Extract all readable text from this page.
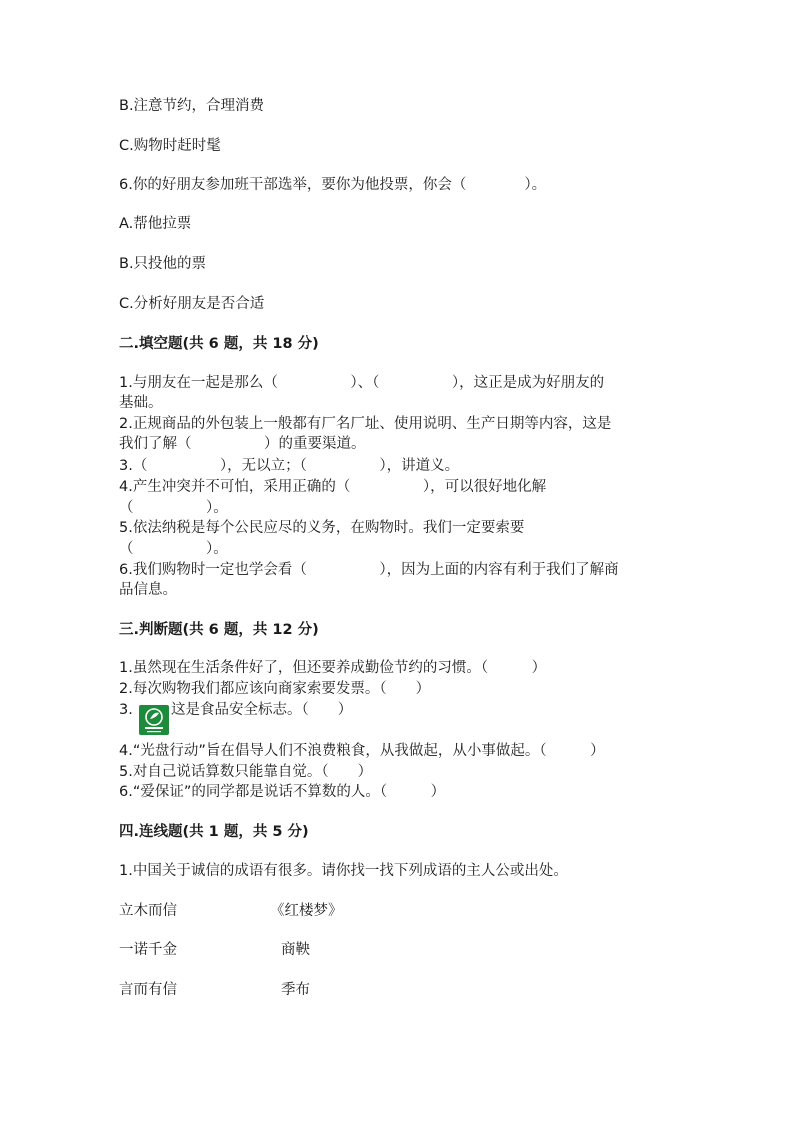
B.注意节约，合理消费
C.购物时赶时髦
6.你的好朋友参加班干部选举，要你为他投票，你会（　　　　）。
A.帮他拉票
B.只投他的票
C.分析好朋友是否合适
二.填空题(共 6 题，共 18 分)
1.与朋友在一起是那么（　　　　　）、（　　　　　），这正是成为好朋友的
基础。
2.正规商品的外包装上一般都有厂名厂址、使用说明、生产日期等内容，这是
我们了解（　　　　　）的重要渠道。
3.（　　　　　），无以立；（　　　　　），讲道义。
4.产生冲突并不可怕，采用正确的（　　　　　），可以很好地化解
（　　　　　）。
5.依法纳税是每个公民应尽的义务，在购物时。我们一定要索要
（　　　　　）。
6.我们购物时一定也学会看（　　　　　），因为上面的内容有利于我们了解商
品信息。
三.判断题(共 6 题，共 12 分)
1.虽然现在生活条件好了，但还要养成勤俭节约的习惯。（　　　）
2.每次购物我们都应该向商家索要发票。（　　）
3.	这是食品安全标志。（　　）
4.“光盘行动”旨在倡导人们不浪费粮食，从我做起，从小事做起。（　　　）
5.对自己说话算数只能靠自觉。（　　）
6.“爱保证”的同学都是说话不算数的人。（　　　）
四.连线题(共 1 题，共 5 分)
1.中国关于诚信的成语有很多。请你找一找下列成语的主人公或出处。
立木而信	《红楼梦》
一诺千金	商鞅
言而有信	季布
